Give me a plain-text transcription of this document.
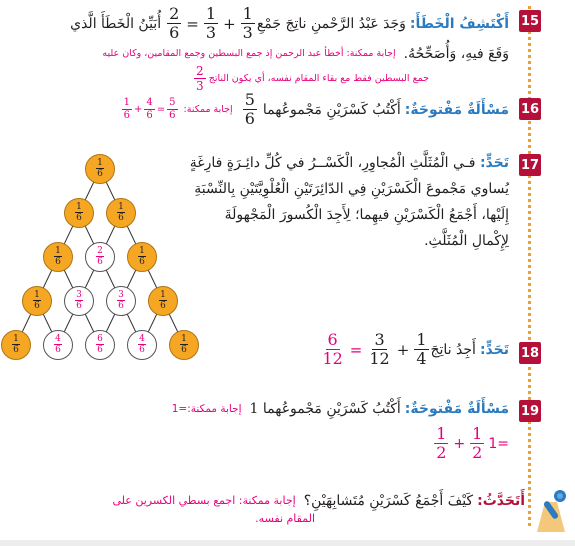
15
أَكْتَشِفُ الْخَطَأَ:
وَجَدَ عَبْدُ الرَّحْمنِ ناتِجَ جَمْعِ
$\frac{1}{3}$
+
$\frac{1}{3}$
=
$\frac{2}{6}$
أُبَيِّنُ الْخَطَأَ الَّذي
وَقَعَ فيهِ، وَأُصَحِّحُهُ.
إجابة ممكنة: أخطأ عبد الرحمن إذ جمع البسطين وجمع المقامين، وكان عليه
جمع البسطين فقط مع بقاء المقام نفسه، أي يكون الناتج
$\frac{2}{3}$
16
مَسْأَلَةٌ مَفْتوحَةٌ:
أَكْتُبُ كَسْرَيْنِ مَجْموعُهما
$\frac{5}{6}$
إجابة ممكنة:
$\frac{1}{6} + \frac{4}{6} = \frac{5}{6}$
17
تَحَدٍّ: فـي الْمُثَلَّثِ الْمُجاوِرِ، الْكَسْــرُ في كُلِّ دائِـرَةٍ فارِغَةٍ
يُساوي مَجْموعَ الْكَسْرَيْنِ فِي الدّائِرَتَيْنِ الْعُلْوِيَّتَيْنِ بِالنِّسْبَةِ
إِلَيْها، أَجْمَعُ الْكَسْرَيْنِ فيهِما؛ لِأَجِدَ الْكُسورَ الْمَجْهولَةَ
لِإِكْمالِ الْمُثَلَّثِ.
$\frac{1}{6}$
$\frac{1}{6}$	$\frac{1}{6}$
$\frac{1}{6}$	$\frac{2}{6}$	$\frac{1}{6}$
$\frac{1}{6}$	$\frac{3}{6}$	$\frac{3}{6}$	$\frac{1}{6}$
$\frac{1}{6}$	$\frac{4}{6}$	$\frac{6}{6}$	$\frac{4}{6}$	$\frac{1}{6}$	18
تَحَدٍّ:
أَجِدُ ناتِجَ
$\frac{1}{4}$
+
$\frac{3}{12}$
=
$\frac{6}{12}$
19
مَسْأَلَةٌ مَفْتوحَةٌ:
أَكْتُبُ كَسْرَيْنِ مَجْموعُهما 1
إجابة ممكنة:
1=
$\frac{1}{2} + \frac{1}{2} 1=$
أَتَحَدَّثُ:
كَيْفَ أَجْمَعُ كَسْرَيْنِ مُتَشابِهَيْنِ؟
إجابة ممكنة: اجمع بسطي الكسرين على
المقام نفسه.
